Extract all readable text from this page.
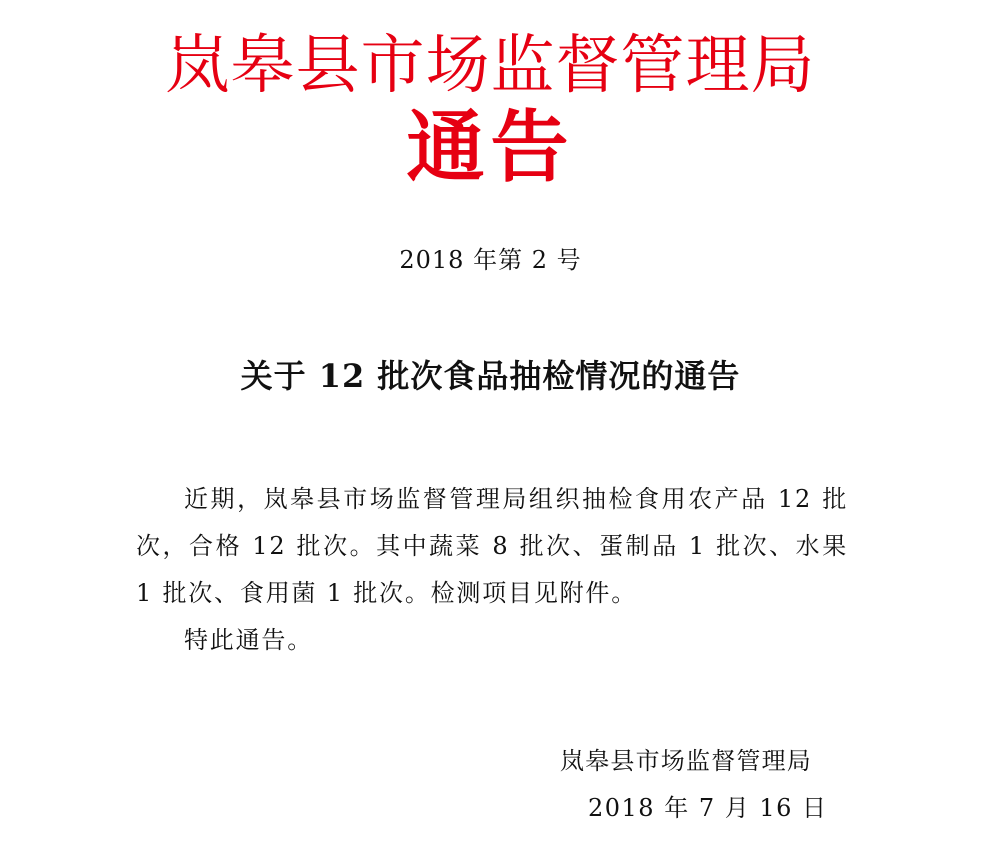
岚皋县市场监督管理局
通告
2018 年第 2 号
关于 12 批次食品抽检情况的通告

近期，岚皋县市场监督管理局组织抽检食用农产品 12 批次，合格 12 批次。其中蔬菜 8 批次、蛋制品 1 批次、水果 1 批次、食用菌 1 批次。检测项目见附件。

特此通告。

岚皋县市场监督管理局
2018 年 7 月 16 日
